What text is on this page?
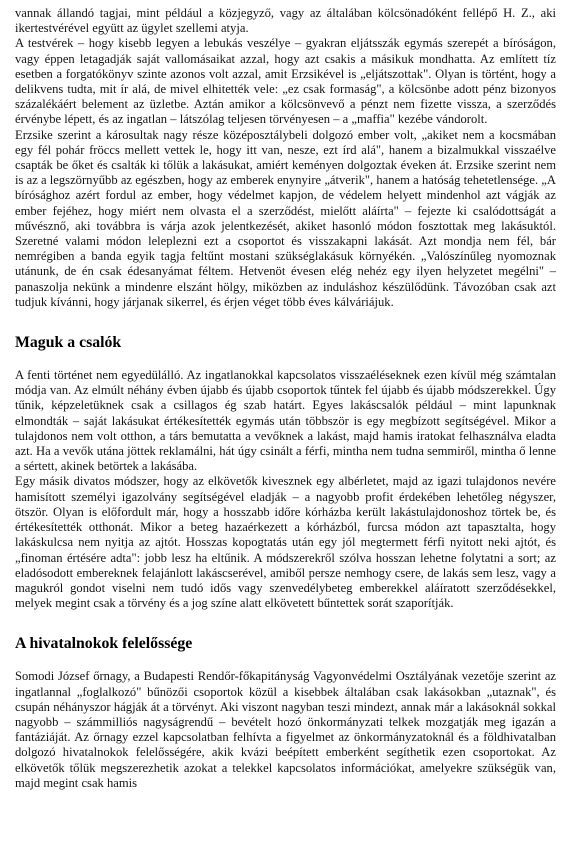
vannak állandó tagjai, mint például a közjegyző, vagy az általában kölcsönadóként fellépő H. Z., aki ikertestvérével együtt az ügylet szellemi atyja.

A testvérek – hogy kisebb legyen a lebukás veszélye – gyakran eljátsszák egymás szerepét a bíróságon, vagy éppen letagadják saját vallomásaikat azzal, hogy azt csakis a másikuk mondhatta. Az említett tíz esetben a forgatókönyv szinte azonos volt azzal, amit Erzsikével is „eljátszottak". Olyan is történt, hogy a delikvens tudta, mit ír alá, de mivel elhitették vele: „ez csak formaság", a kölcsönbe adott pénz bizonyos százalékáért belement az üzletbe. Aztán amikor a kölcsönvevő a pénzt nem fizette vissza, a szerződés érvénybe lépett, és az ingatlan – látszólag teljesen törvényesen – a „maffia" kezébe vándorolt.

Erzsike szerint a károsultak nagy része középosztálybeli dolgozó ember volt, „akiket nem a kocsmában egy fél pohár fröccs mellett vettek le, hogy itt van, nesze, ezt írd alá", hanem a bizalmukkal visszaélve csapták be őket és csalták ki tőlük a lakásukat, amiért keményen dolgoztak éveken át. Erzsike szerint nem is az a legszörnyűbb az egészben, hogy az emberek enynyire „átverik", hanem a hatóság tehetetlensége. „A bírósághoz azért fordul az ember, hogy védelmet kapjon, de védelem helyett mindenhol azt vágják az ember fejéhez, hogy miért nem olvasta el a szerződést, mielőtt aláírta" – fejezte ki csalódottságát a művésznő, aki továbbra is várja azok jelentkezését, akiket hasonló módon fosztottak meg lakásuktól. Szeretné valami módon leleplezni ezt a csoportot és visszakapni lakását. Azt mondja nem fél, bár nemrégiben a banda egyik tagja feltűnt mostani szükséglakásuk környékén. „Valószínűleg nyomoznak utánunk, de én csak édesanyámat féltem. Hetvenöt évesen elég nehéz egy ilyen helyzetet megélni" – panaszolja nekünk a mindenre elszánt hölgy, miközben az induláshoz készülődünk. Távozóban csak azt tudjuk kívánni, hogy járjanak sikerrel, és érjen véget több éves kálváriájuk.

Maguk a csalók

A fenti történet nem egyedülálló. Az ingatlanokkal kapcsolatos visszaéléseknek ezen kívül még számtalan módja van. Az elmúlt néhány évben újabb és újabb csoportok tűntek fel újabb és újabb módszerekkel. Úgy tűnik, képzeletüknek csak a csillagos ég szab határt. Egyes lakáscsalók például – mint lapunknak elmondták – saját lakásukat értékesítették egymás után többször is egy megbízott segítségével. Mikor a tulajdonos nem volt otthon, a társ bemutatta a vevőknek a lakást, majd hamis iratokat felhasználva eladta azt. Ha a vevők utána jöttek reklamálni, hát úgy csinált a férfi, mintha nem tudna semmiről, mintha ő lenne a sértett, akinek betörtek a lakásába.

Egy másik divatos módszer, hogy az elkövetők kivesznek egy albérletet, majd az igazi tulajdonos nevére hamisított személyi igazolvány segítségével eladják – a nagyobb profit érdekében lehetőleg négyszer, ötször. Olyan is előfordult már, hogy a hosszabb időre kórházba került lakástulajdonoshoz törtek be, és értékesítették otthonát. Mikor a beteg hazaérkezett a kórházból, furcsa módon azt tapasztalta, hogy lakáskulcsa nem nyitja az ajtót. Hosszas kopogtatás után egy jól megtermett férfi nyitott neki ajtót, és „finoman értésére adta": jobb lesz ha eltűnik. A módszerekről szólva hosszan lehetne folytatni a sort; az eladósodott embereknek felajánlott lakáscserével, amiből persze nemhogy csere, de lakás sem lesz, vagy a magukról gondot viselni nem tudó idős vagy szenvedélybeteg emberekkel aláíratott szerződésekkel, melyek megint csak a törvény és a jog színe alatt elkövetett bűntettek sorát szaporítják.

A hivatalnokok felelőssége

Somodi József őrnagy, a Budapesti Rendőr-főkapitányság Vagyonvédelmi Osztályának vezetője szerint az ingatlannal „foglalkozó" bűnözői csoportok közül a kisebbek általában csak lakásokban „utaznak", és csupán néhányszor hágják át a törvényt. Aki viszont nagyban teszi mindezt, annak már a lakásoknál sokkal nagyobb – számmilliós nagyságrendű – bevételt hozó önkormányzati telkek mozgatják meg igazán a fantáziáját. Az őrnagy ezzel kapcsolatban felhívta a figyelmet az önkormányzatoknál és a földhivatalban dolgozó hivatalnokok felelősségére, akik kvázi beépített emberként segíthetik ezen csoportokat. Az elkövetők tőlük megszerezhetik azokat a telekkel kapcsolatos információkat, amelyekre szükségük van, majd megint csak hamis
